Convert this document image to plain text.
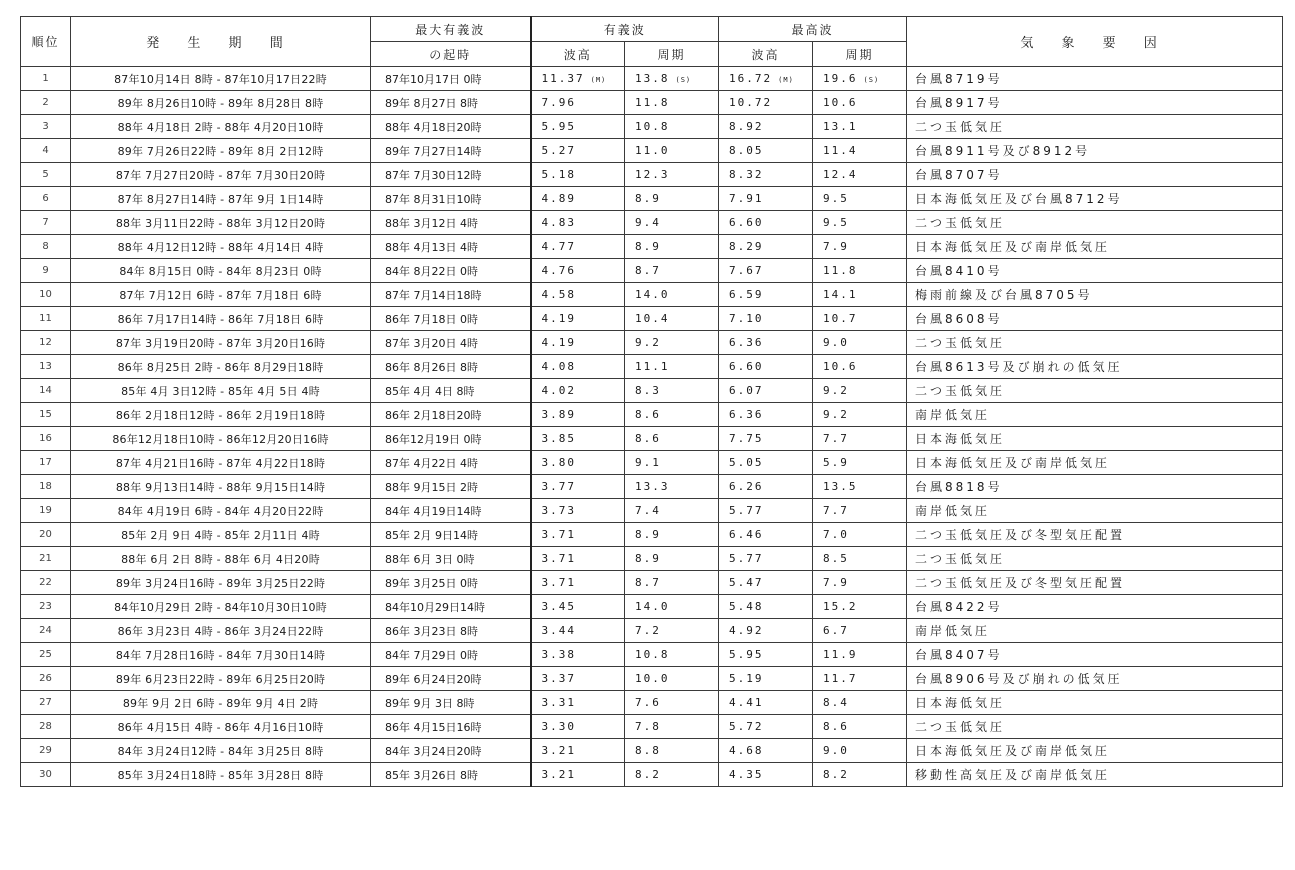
順位	発 生 期 間	最大有義波	有義波		最高波		気 象 要 因
		の起時	波高	周期	波高	周期	
1	87年10月14日 8時 - 87年10月17日22時	87年10月17日 0時	11.37 (M)	13.8 (S)	16.72 (M)	19.6 (S)	台風8719号
2	89年 8月26日10時 - 89年 8月28日 8時	89年 8月27日 8時	7.96	11.8	10.72	10.6	台風8917号
3	88年 4月18日 2時 - 88年 4月20日10時	88年 4月18日20時	5.95	10.8	8.92	13.1	二つ玉低気圧
4	89年 7月26日22時 - 89年 8月 2日12時	89年 7月27日14時	5.27	11.0	8.05	11.4	台風8911号及び8912号
5	87年 7月27日20時 - 87年 7月30日20時	87年 7月30日12時	5.18	12.3	8.32	12.4	台風8707号
6	87年 8月27日14時 - 87年 9月 1日14時	87年 8月31日10時	4.89	8.9	7.91	9.5	日本海低気圧及び台風8712号
7	88年 3月11日22時 - 88年 3月12日20時	88年 3月12日 4時	4.83	9.4	6.60	9.5	二つ玉低気圧
8	88年 4月12日12時 - 88年 4月14日 4時	88年 4月13日 4時	4.77	8.9	8.29	7.9	日本海低気圧及び南岸低気圧
9	84年 8月15日 0時 - 84年 8月23日 0時	84年 8月22日 0時	4.76	8.7	7.67	11.8	台風8410号
10	87年 7月12日 6時 - 87年 7月18日 6時	87年 7月14日18時	4.58	14.0	6.59	14.1	梅雨前線及び台風8705号
11	86年 7月17日14時 - 86年 7月18日 6時	86年 7月18日 0時	4.19	10.4	7.10	10.7	台風8608号
12	87年 3月19日20時 - 87年 3月20日16時	87年 3月20日 4時	4.19	9.2	6.36	9.0	二つ玉低気圧
13	86年 8月25日 2時 - 86年 8月29日18時	86年 8月26日 8時	4.08	11.1	6.60	10.6	台風8613号及び崩れの低気圧
14	85年 4月 3日12時 - 85年 4月 5日 4時	85年 4月 4日 8時	4.02	8.3	6.07	9.2	二つ玉低気圧
15	86年 2月18日12時 - 86年 2月19日18時	86年 2月18日20時	3.89	8.6	6.36	9.2	南岸低気圧
16	86年12月18日10時 - 86年12月20日16時	86年12月19日 0時	3.85	8.6	7.75	7.7	日本海低気圧
17	87年 4月21日16時 - 87年 4月22日18時	87年 4月22日 4時	3.80	9.1	5.05	5.9	日本海低気圧及び南岸低気圧
18	88年 9月13日14時 - 88年 9月15日14時	88年 9月15日 2時	3.77	13.3	6.26	13.5	台風8818号
19	84年 4月19日 6時 - 84年 4月20日22時	84年 4月19日14時	3.73	7.4	5.77	7.7	南岸低気圧
20	85年 2月 9日 4時 - 85年 2月11日 4時	85年 2月 9日14時	3.71	8.9	6.46	7.0	二つ玉低気圧及び冬型気圧配置
21	88年 6月 2日 8時 - 88年 6月 4日20時	88年 6月 3日 0時	3.71	8.9	5.77	8.5	二つ玉低気圧
22	89年 3月24日16時 - 89年 3月25日22時	89年 3月25日 0時	3.71	8.7	5.47	7.9	二つ玉低気圧及び冬型気圧配置
23	84年10月29日 2時 - 84年10月30日10時	84年10月29日14時	3.45	14.0	5.48	15.2	台風8422号
24	86年 3月23日 4時 - 86年 3月24日22時	86年 3月23日 8時	3.44	7.2	4.92	6.7	南岸低気圧
25	84年 7月28日16時 - 84年 7月30日14時	84年 7月29日 0時	3.38	10.8	5.95	11.9	台風8407号
26	89年 6月23日22時 - 89年 6月25日20時	89年 6月24日20時	3.37	10.0	5.19	11.7	台風8906号及び崩れの低気圧
27	89年 9月 2日 6時 - 89年 9月 4日 2時	89年 9月 3日 8時	3.31	7.6	4.41	8.4	日本海低気圧
28	86年 4月15日 4時 - 86年 4月16日10時	86年 4月15日16時	3.30	7.8	5.72	8.6	二つ玉低気圧
29	84年 3月24日12時 - 84年 3月25日 8時	84年 3月24日20時	3.21	8.8	4.68	9.0	日本海低気圧及び南岸低気圧
30	85年 3月24日18時 - 85年 3月28日 8時	85年 3月26日 8時	3.21	8.2	4.35	8.2	移動性高気圧及び南岸低気圧
